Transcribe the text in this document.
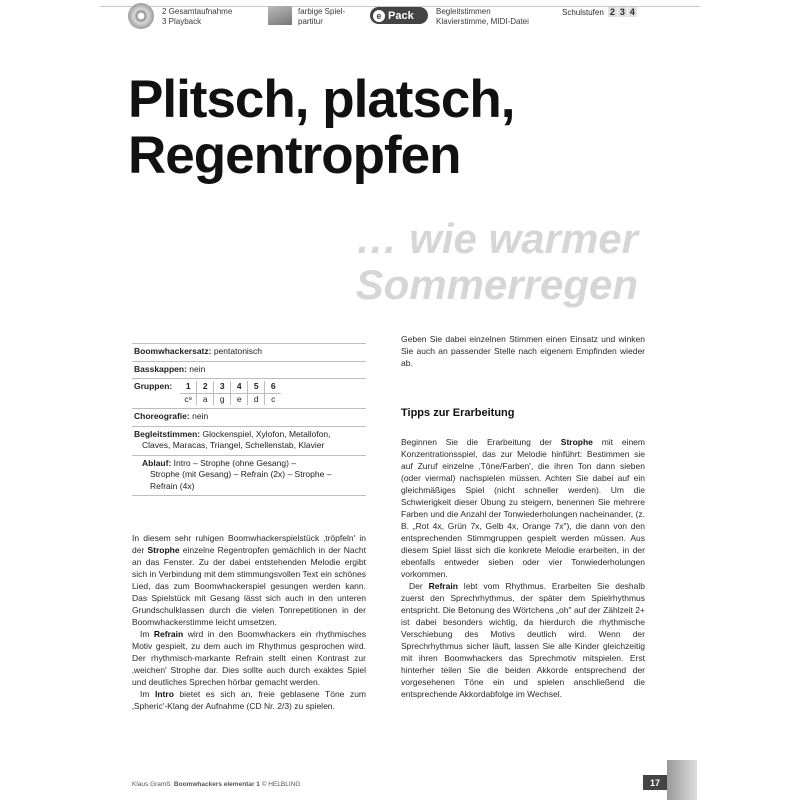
2 Gesamtaufnahme
3 Playback
farbige Spiel-
partitur
e Pack	Begleitstimmen
Klavierstimme, MIDI-Datei
Schulstufen 2 3 4
Plitsch, platsch,
Regentropfen
… wie warmer
Sommerregen
Boomwhackersatz: pentatonisch
Basskappen: nein
Gruppen: 1	2	3	4	5	6
c⁸	a	g	e	d	c
Choreografie: nein
Begleitstimmen: Glockenspiel, Xylofon, Metallofon,
Claves, Maracas, Triangel, Schellenstab, Klavier
Ablauf: Intro – Strophe (ohne Gesang) –
Strophe (mit Gesang) – Refrain (2x) – Strophe –
Refrain (4x)

In diesem sehr ruhigen Boomwhackerspielstück ‚tröpfeln' in der Strophe einzelne Regentropfen gemächlich in der Nacht an das Fenster. Zu der dabei entstehenden Melodie ergibt sich in Verbindung mit dem stimmungsvollen Text ein schönes Lied, das zum Boomwhackerspiel gesungen werden kann. Das Spielstück mit Gesang lässt sich auch in den unteren Grundschulklassen durch die vielen Tonrepetitionen in der Boomwhackerstimme leicht umsetzen.

Im Refrain wird in den Boomwhackers ein rhythmisches Motiv gespielt, zu dem auch im Rhythmus gesprochen wird. Der rhythmisch-markante Refrain stellt einen Kontrast zur ‚weichen' Strophe dar. Dies sollte auch durch exaktes Spiel und deutliches Sprechen hörbar gemacht werden.

Im Intro bietet es sich an, freie geblasene Töne zum ‚Spheric'-Klang der Aufnahme (CD Nr. 2/3) zu spielen.

Geben Sie dabei einzelnen Stimmen einen Einsatz und winken Sie auch an passender Stelle nach eigenem Empfinden wieder ab.

Tipps zur Erarbeitung

Beginnen Sie die Erarbeitung der Strophe mit einem Konzentrationsspiel, das zur Melodie hinführt: Bestimmen sie auf Zuruf einzelne ‚Töne/Farben', die ihren Ton dann sieben (oder viermal) nachspielen müssen. Achten Sie dabei auf ein gleichmäßiges Spiel (nicht schneller werden). Um die Schwierigkeit dieser Übung zu steigern, benennen Sie mehrere Farben und die Anzahl der Tonwiederholungen nacheinander, (z. B. „Rot 4x, Grün 7x, Gelb 4x, Orange 7x"), die dann von den entsprechenden Stimmgruppen gespielt werden müssen. Aus diesem Spiel lässt sich die konkrete Melodie erarbeiten, in der ebenfalls entweder sieben oder vier Tonwiederholungen vorkommen.

Der Refrain lebt vom Rhythmus. Erarbeiten Sie deshalb zuerst den Sprechrhythmus, der später dem Spielrhythmus entspricht. Die Betonung des Wörtchens „oh" auf der Zählzeit 2+ ist dabei besonders wichtig, da hierdurch die rhythmische Verschiebung des Motivs deutlich wird. Wenn der Sprechrhythmus sicher läuft, lassen Sie alle Kinder gleichzeitig mit ihren Boomwhackers das Sprechmotiv mitspielen. Erst hinterher teilen Sie die beiden Akkorde entsprechend der vorgesehenen Töne ein und spielen anschließend die entsprechende Akkordabfolge im Wechsel.

Klaus Gramß: Boomwhackers elementar 1 © HELBLING	17
